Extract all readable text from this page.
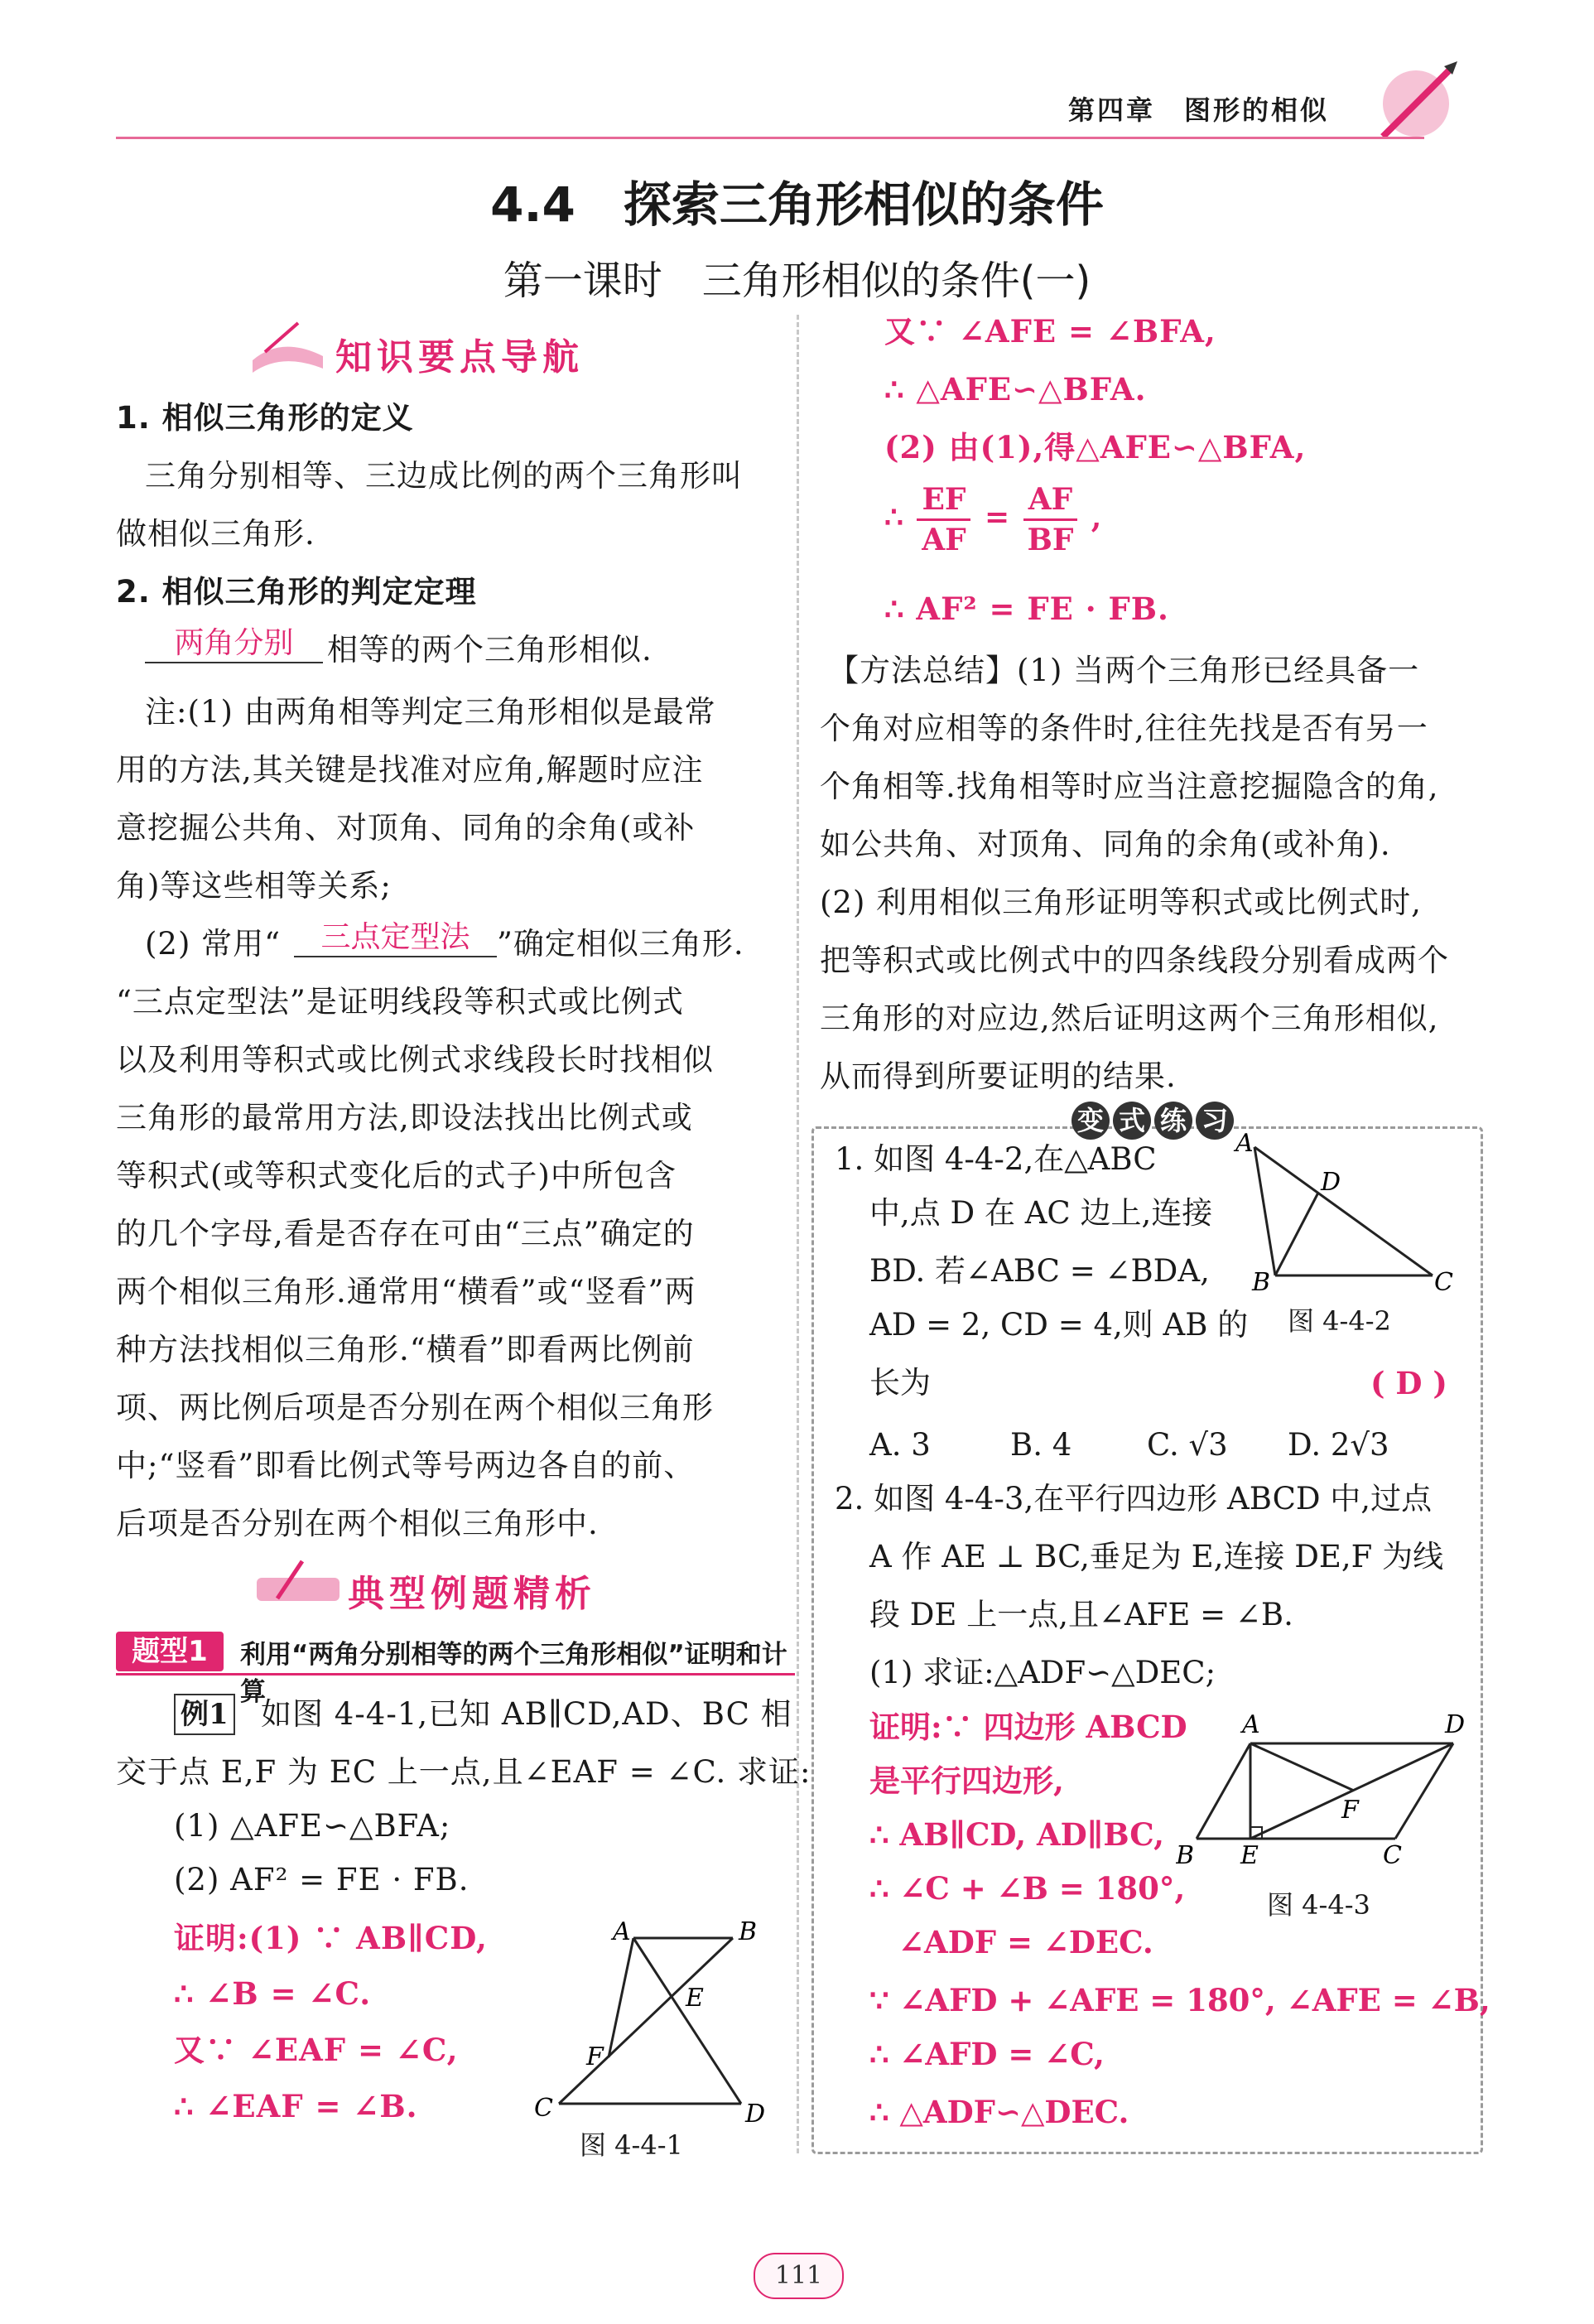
第四章　图形的相似
4.4　探索三角形相似的条件
第一课时　三角形相似的条件(一)
知识要点导航
1. 相似三角形的定义
三角分别相等、三边成比例的两个三角形叫
做相似三角形.
2. 相似三角形的判定定理
两角分别	相等的两个三角形相似.
注:(1) 由两角相等判定三角形相似是最常
用的方法,其关键是找准对应角,解题时应注
意挖掘公共角、对顶角、同角的余角(或补
角)等这些相等关系;
(2) 常用“	三点定型法 ”确定相似三角形.
“三点定型法”是证明线段等积式或比例式
以及利用等积式或比例式求线段长时找相似
三角形的最常用方法,即设法找出比例式或
等积式(或等积式变化后的式子)中所包含
的几个字母,看是否存在可由“三点”确定的
两个相似三角形.通常用“横看”或“竖看”两
种方法找相似三角形.“横看”即看两比例前
项、两比例后项是否分别在两个相似三角形
中;“竖看”即看比例式等号两边各自的前、
后项是否分别在两个相似三角形中.
典型例题精析
题型1	利用“两角分别相等的两个三角形相似”证明和计算
例1 如图 4-4-1,已知 AB∥CD,AD、BC 相
交于点 E,F 为 EC 上一点,且∠EAF = ∠C. 求证:
(1) △AFE∽△BFA;
(2) AF² = FE · FB.
证明:(1) ∵ AB∥CD,
∴ ∠B = ∠C.
又∵ ∠EAF = ∠C,
∴ ∠EAF = ∠B.
A	B
C	D
E
F
图 4-4-1
又∵ ∠AFE = ∠BFA,
∴ △AFE∽△BFA.
(2) 由(1),得△AFE∽△BFA,
∴ $\frac{EF}{AF} = \frac{AF}{BF}$ ,
∴ AF² = FE · FB.
【方法总结】(1) 当两个三角形已经具备一
个角对应相等的条件时,往往先找是否有另一
个角相等.找角相等时应当注意挖掘隐含的角,
如公共角、对顶角、同角的余角(或补角).
(2) 利用相似三角形证明等积式或比例式时,
把等积式或比例式中的四条线段分别看成两个
三角形的对应边,然后证明这两个三角形相似,
从而得到所要证明的结果.
变 式 练 习
1. 如图 4-4-2,在△ABC
中,点 D 在 AC 边上,连接
BD. 若∠ABC = ∠BDA,
AD = 2, CD = 4,则 AB 的
长为	( D )
A
D
B	C
图 4-4-2
A. 3	B. 4 C. √3 D. 2√3
2. 如图 4-4-3,在平行四边形 ABCD 中,过点
A 作 AE ⊥ BC,垂足为 E,连接 DE,F 为线
段 DE 上一点,且∠AFE = ∠B.
(1) 求证:△ADF∽△DEC;
证明:∵ 四边形 ABCD
是平行四边形,
∴ AB∥CD, AD∥BC,
∴ ∠C + ∠B = 180°,
∠ADF = ∠DEC.
∵ ∠AFD + ∠AFE = 180°, ∠AFE = ∠B,
∴ ∠AFD = ∠C,
∴ △ADF∽△DEC.
A	D
B E	C
F
图 4-4-3
111
